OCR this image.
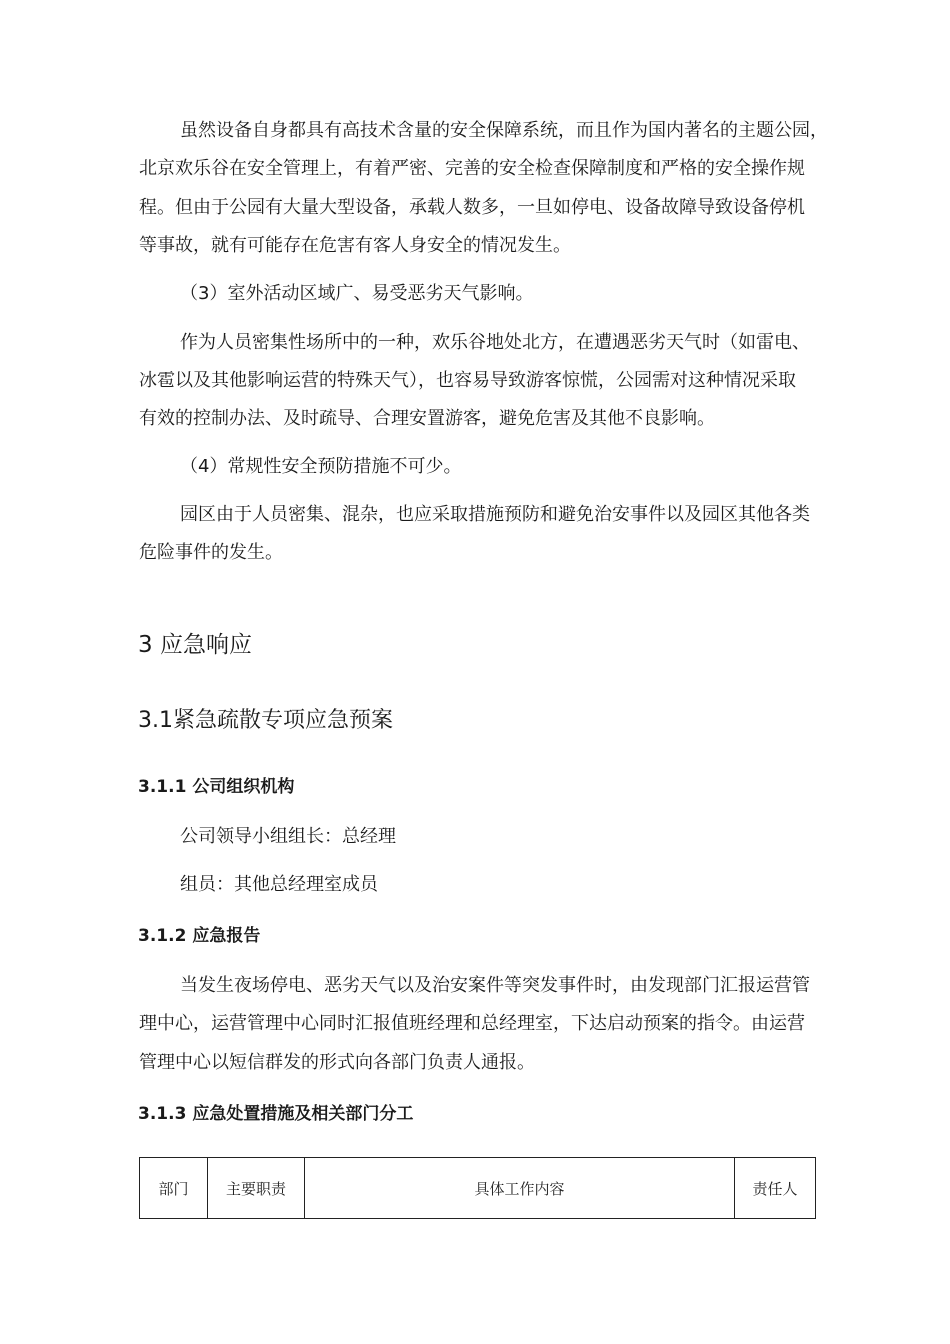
虽然设备自身都具有高技术含量的安全保障系统，而且作为国内著名的主题公园，
北京欢乐谷在安全管理上，有着严密、完善的安全检查保障制度和严格的安全操作规
程。但由于公园有大量大型设备，承载人数多，一旦如停电、设备故障导致设备停机
等事故，就有可能存在危害有客人身安全的情况发生。
（3）室外活动区域广、易受恶劣天气影响。
作为人员密集性场所中的一种，欢乐谷地处北方，在遭遇恶劣天气时（如雷电、
冰雹以及其他影响运营的特殊天气），也容易导致游客惊慌，公园需对这种情况采取
有效的控制办法、及时疏导、合理安置游客，避免危害及其他不良影响。
（4）常规性安全预防措施不可少。
园区由于人员密集、混杂，也应采取措施预防和避免治安事件以及园区其他各类
危险事件的发生。
3 应急响应
3.1紧急疏散专项应急预案
3.1.1 公司组织机构
公司领导小组组长：总经理
组员：其他总经理室成员
3.1.2 应急报告
当发生夜场停电、恶劣天气以及治安案件等突发事件时，由发现部门汇报运营管
理中心，运营管理中心同时汇报值班经理和总经理室，下达启动预案的指令。由运营
管理中心以短信群发的形式向各部门负责人通报。
3.1.3 应急处置措施及相关部门分工
部门	主要职责	具体工作内容	责任人
